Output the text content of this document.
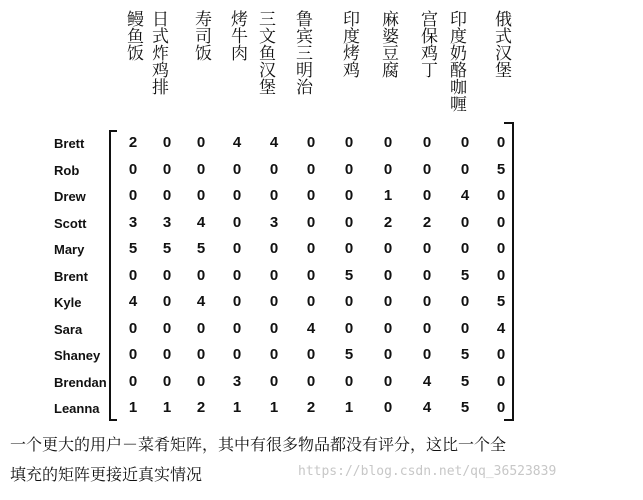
鳗鱼饭 日式炸鸡排 寿司饭 烤牛肉 三文鱼汉堡 鲁宾三明治 印度烤鸡 麻婆豆腐 宫保鸡丁 印度奶酪咖喱 俄式汉堡
Brett	2	0	0	4	4	0	0	0	0	0	0
Rob	0	0	0	0	0	0	0	0	0	0	5
Drew	0	0	0	0	0	0	0	1	0	4	0
Scott	3	3	4	0	3	0	0	2	2	0	0
Mary	5	5	5	0	0	0	0	0	0	0	0
Brent	0	0	0	0	0	0	5	0	0	5	0
Kyle	4	0	4	0	0	0	0	0	0	0	5
Sara	0	0	0	0	0	4	0	0	0	0	4
Shaney	0	0	0	0	0	0	5	0	0	5	0
Brendan	0	0	0	3	0	0	0	0	4	5	0
Leanna	1	1	2	1	1	2	1	0	4	5	0
一个更大的用户－菜肴矩阵，其中有很多物品都没有评分，这比一个全
填充的矩阵更接近真实情况	https://blog.csdn.net/qq_36523839
